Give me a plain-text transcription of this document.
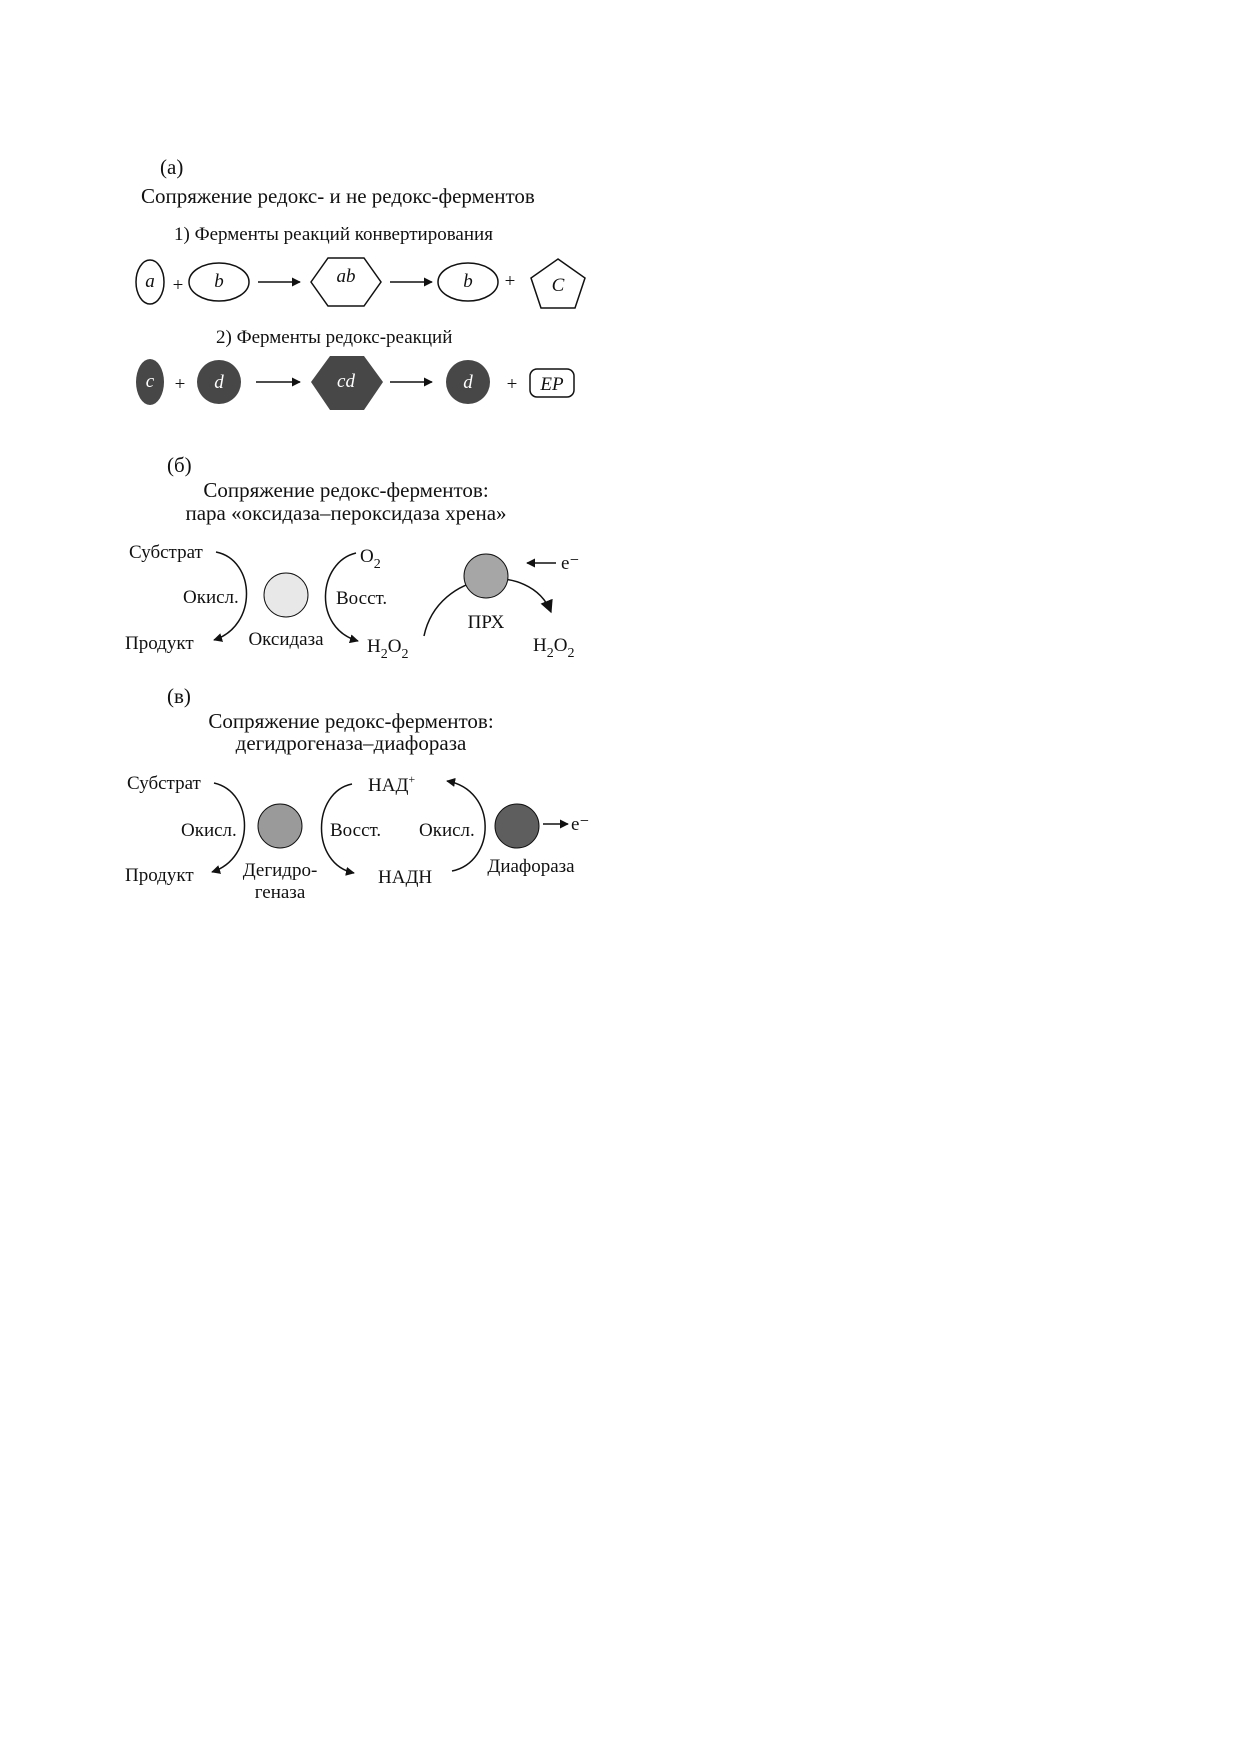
(а)
Сопряжение редокс- и не редокс-ферментов
1) Ферменты реакций конвертирования
a + b	ab	b + C
2) Ферменты редокс-реакций
c + d	cd	d + EP
(б)
Сопряжение редокс-ферментов:
пара «оксидаза–пероксидаза хрена»
Субстрат
Окисл.
Продукт	Оксидаза
$O_2$
Восст.
$H_2O_2$
ПРХ
e⁻
$H_2O_2$
(в)
Сопряжение редокс-ферментов:
дегидрогеназа–диафораза
Субстрат
Окисл.
Продукт	Дегидро-
геназа
НАД+
Восст.
НАДН
Окисл.
Диафораза
e⁻
